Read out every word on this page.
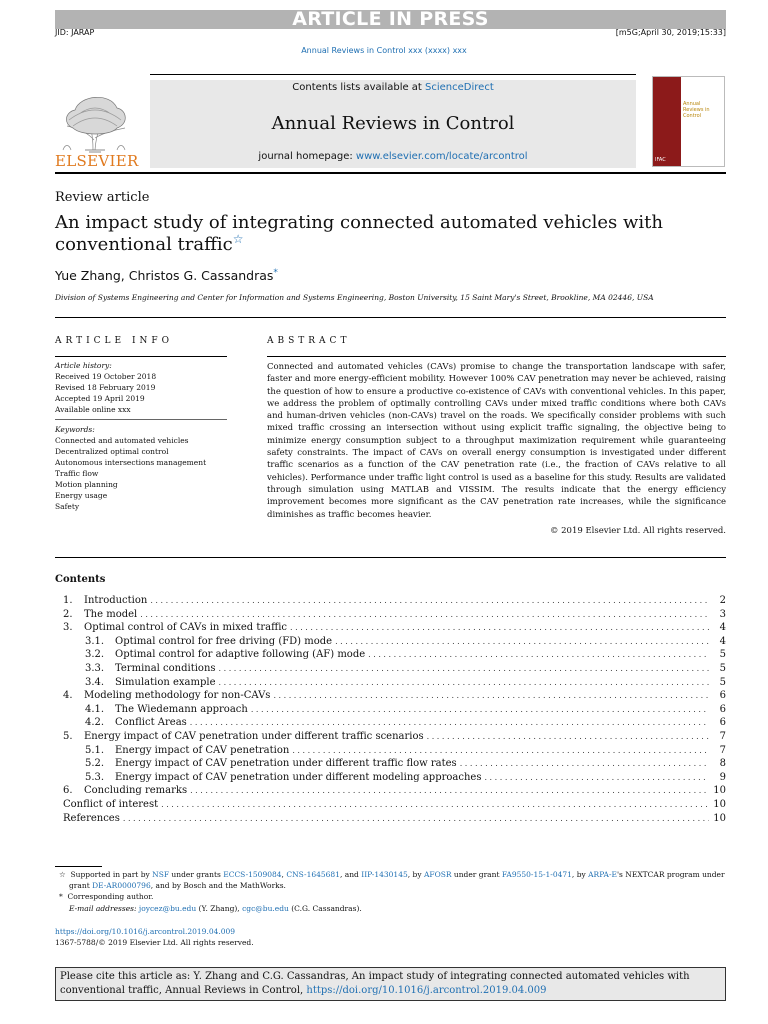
ARTICLE IN PRESS
JID: JARAP	[m5G;April 30, 2019;15:33]
Annual Reviews in Control xxx (xxxx) xxx
ELSEVIER
Contents lists available at ScienceDirect
Annual Reviews in Control
journal homepage: www.elsevier.com/locate/arcontrol
Annual Reviews in Control
IFAC
Review article
An impact study of integrating connected automated vehicles with conventional traffic☆
Yue Zhang, Christos G. Cassandras*
Division of Systems Engineering and Center for Information and Systems Engineering, Boston University, 15 Saint Mary's Street, Brookline, MA 02446, USA
ARTICLE INFO
Article history:
Received 19 October 2018
Revised 18 February 2019
Accepted 19 April 2019
Available online xxx
Keywords:
Connected and automated vehicles
Decentralized optimal control
Autonomous intersections management
Traffic flow
Motion planning
Energy usage
Safety
ABSTRACT
Connected and automated vehicles (CAVs) promise to change the transportation landscape with safer, faster and more energy-efficient mobility. However 100% CAV penetration may never be achieved, raising the question of how to ensure a productive co-existence of CAVs with conventional vehicles. In this paper, we address the problem of optimally controlling CAVs under mixed traffic conditions where both CAVs and human-driven vehicles (non-CAVs) travel on the roads. We specifically consider problems with such mixed traffic crossing an intersection without using explicit traffic signaling, the objective being to minimize energy consumption subject to a throughput maximization requirement while guaranteeing safety constraints. The impact of CAVs on overall energy consumption is investigated under different traffic scenarios as a function of the CAV penetration rate (i.e., the fraction of CAVs relative to all vehicles). Performance under traffic light control is used as a baseline for this study. Results are validated through simulation using MATLAB and VISSIM. The results indicate that the energy efficiency improvement becomes more significant as the CAV penetration rate increases, while the significance diminishes as traffic becomes heavier.
© 2019 Elsevier Ltd. All rights reserved.
Contents
1.	Introduction . . .	2
2.	The model . . .	3
3.	Optimal control of CAVs in mixed traffic . . .	4
3.1.	Optimal control for free driving (FD) mode . . .	4
3.2.	Optimal control for adaptive following (AF) mode . . .	5
3.3.	Terminal conditions . . .	5
3.4.	Simulation example . . .	5
4.	Modeling methodology for non-CAVs . . .	6
4.1.	The Wiedemann approach . . .	6
4.2.	Conflict Areas . . .	6
5.	Energy impact of CAV penetration under different traffic scenarios . . .	7
5.1.	Energy impact of CAV penetration . . .	7
5.2.	Energy impact of CAV penetration under different traffic flow rates . . .	8
5.3.	Energy impact of CAV penetration under different modeling approaches . . .	9
6.	Concluding remarks . . .	10
Conflict of interest . . .	10
References . . .	10
☆ Supported in part by NSF under grants ECCS-1509084, CNS-1645681, and IIP-1430145, by AFOSR under grant FA9550-15-1-0471, by ARPA-E's NEXTCAR program under grant DE-AR0000796, and by Bosch and the MathWorks.
* Corresponding author.
E-mail addresses: joycez@bu.edu (Y. Zhang), cgc@bu.edu (C.G. Cassandras).
https://doi.org/10.1016/j.arcontrol.2019.04.009
1367-5788/© 2019 Elsevier Ltd. All rights reserved.
Please cite this article as: Y. Zhang and C.G. Cassandras, An impact study of integrating connected automated vehicles with conventional traffic, Annual Reviews in Control, https://doi.org/10.1016/j.arcontrol.2019.04.009
